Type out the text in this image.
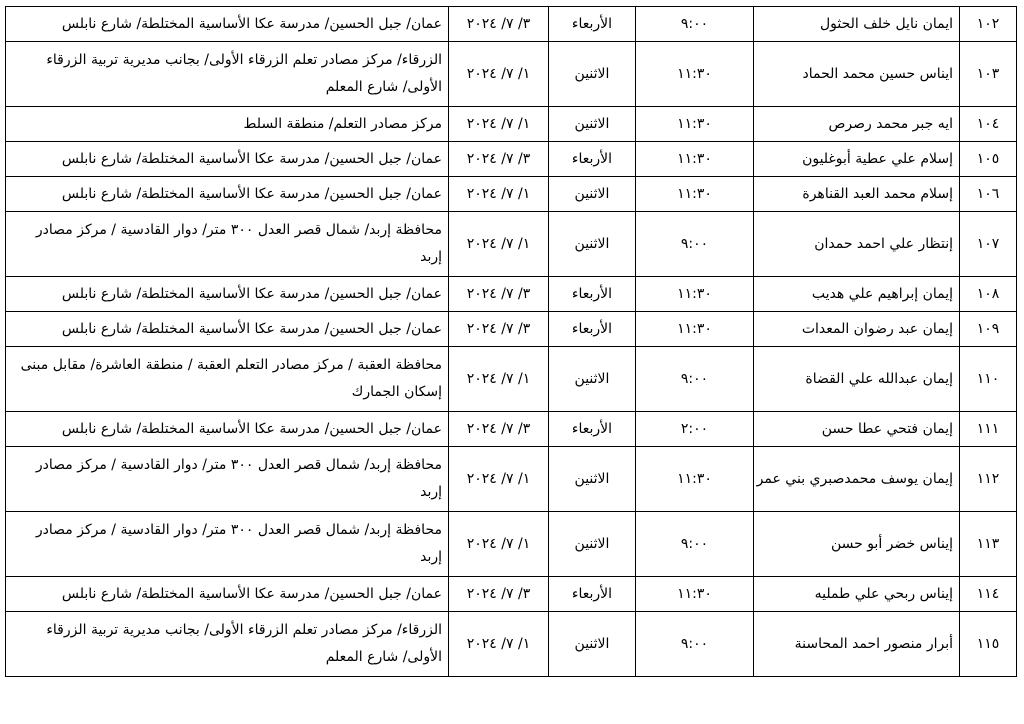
١٠٢	ايمان نايل خلف الحثول	٩:٠٠	الأربعاء	٣/ ٧/ ٢٠٢٤	عمان/ جبل الحسين/ مدرسة عكا الأساسية المختلطة/ شارع نابلس

١٠٣	ايناس حسين محمد الحماد	١١:٣٠	الاثنين	١/ ٧/ ٢٠٢٤	الزرقاء/ مركز مصادر تعلم الزرقاء الأولى/ بجانب مديرية تربية الزرقاء الأولى/ شارع المعلم

١٠٤	ايه جبر محمد رصرص	١١:٣٠	الاثنين	١/ ٧/ ٢٠٢٤	مركز مصادر التعلم/ منطقة السلط

١٠٥	إسلام علي عطية أبوغليون	١١:٣٠	الأربعاء	٣/ ٧/ ٢٠٢٤	عمان/ جبل الحسين/ مدرسة عكا الأساسية المختلطة/ شارع نابلس

١٠٦	إسلام محمد العبد القناهرة	١١:٣٠	الاثنين	١/ ٧/ ٢٠٢٤	عمان/ جبل الحسين/ مدرسة عكا الأساسية المختلطة/ شارع نابلس

١٠٧	إنتظار علي احمد حمدان	٩:٠٠	الاثنين	١/ ٧/ ٢٠٢٤	محافظة إربد/ شمال قصر العدل ٣٠٠ متر/ دوار القادسية / مركز مصادر إربد

١٠٨	إيمان إبراهيم علي هديب	١١:٣٠	الأربعاء	٣/ ٧/ ٢٠٢٤	عمان/ جبل الحسين/ مدرسة عكا الأساسية المختلطة/ شارع نابلس

١٠٩	إيمان عبد رضوان المعدات	١١:٣٠	الأربعاء	٣/ ٧/ ٢٠٢٤	عمان/ جبل الحسين/ مدرسة عكا الأساسية المختلطة/ شارع نابلس

١١٠	إيمان عبدالله علي القضاة	٩:٠٠	الاثنين	١/ ٧/ ٢٠٢٤	محافظة العقبة / مركز مصادر التعلم العقبة / منطقة العاشرة/ مقابل مبنى إسكان الجمارك

١١١	إيمان فتحي عطا حسن	٢:٠٠	الأربعاء	٣/ ٧/ ٢٠٢٤	عمان/ جبل الحسين/ مدرسة عكا الأساسية المختلطة/ شارع نابلس

١١٢	إيمان يوسف محمدصبري بني عمر	١١:٣٠	الاثنين	١/ ٧/ ٢٠٢٤	محافظة إربد/ شمال قصر العدل ٣٠٠ متر/ دوار القادسية / مركز مصادر إربد

١١٣	إيناس خضر أبو حسن	٩:٠٠	الاثنين	١/ ٧/ ٢٠٢٤	محافظة إربد/ شمال قصر العدل ٣٠٠ متر/ دوار القادسية / مركز مصادر إربد

١١٤	إيناس ربحي علي طمليه	١١:٣٠	الأربعاء	٣/ ٧/ ٢٠٢٤	عمان/ جبل الحسين/ مدرسة عكا الأساسية المختلطة/ شارع نابلس

١١٥	أبرار منصور احمد المحاسنة	٩:٠٠	الاثنين	١/ ٧/ ٢٠٢٤	الزرقاء/ مركز مصادر تعلم الزرقاء الأولى/ بجانب مديرية تربية الزرقاء الأولى/ شارع المعلم
